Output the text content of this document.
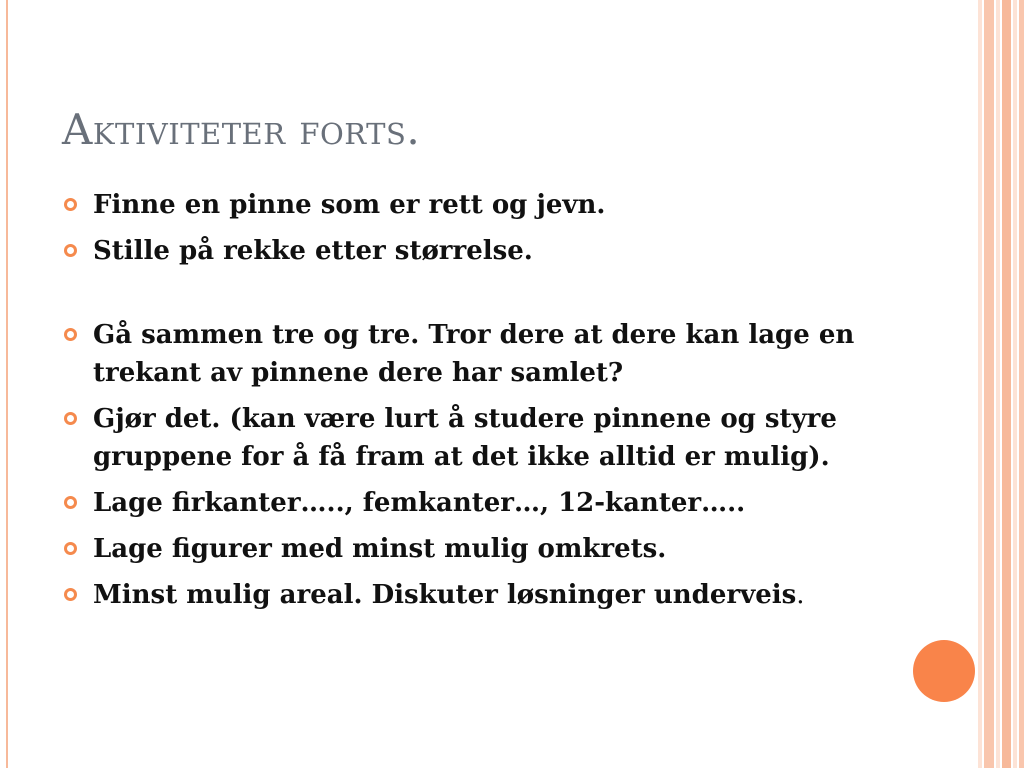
Aktiviteter forts.
Finne en pinne som er rett og jevn.
Stille på rekke etter størrelse.
Gå sammen tre og tre. Tror dere at dere kan lage en trekant av pinnene dere har samlet?
Gjør det. (kan være lurt å studere pinnene og styre gruppene for å få fram at det ikke alltid er mulig).
Lage firkanter….., femkanter…, 12-kanter…..
Lage figurer med minst mulig omkrets.
Minst mulig areal. Diskuter løsninger underveis.
